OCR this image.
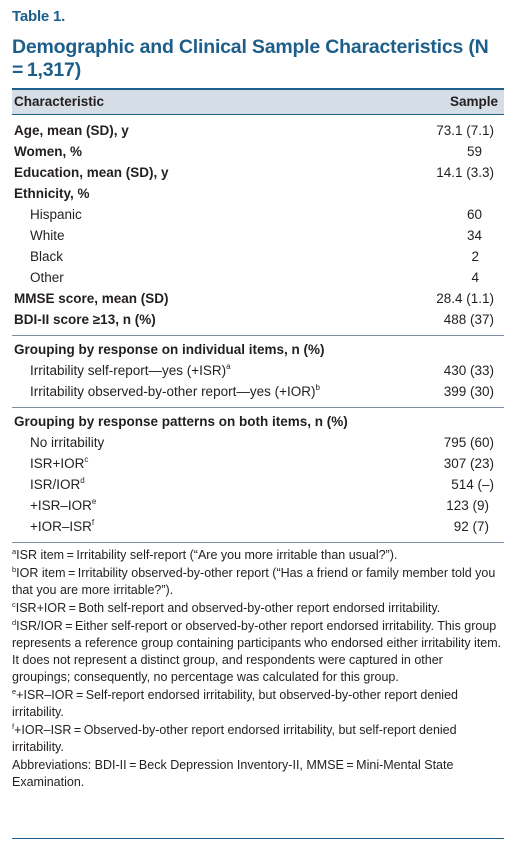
Table 1.
Demographic and Clinical Sample Characteristics (N = 1,317)
Characteristic	Sample
Age, mean (SD), y	73.1 (7.1)
Women, %	59
Education, mean (SD), y	14.1 (3.3)
Ethnicity, %
Hispanic	60
White	34
Black	2
Other	4
MMSE score, mean (SD)	28.4 (1.1)
BDI-II score ≥13, n (%)	488 (37)
Grouping by response on individual items, n (%)
Irritability self-report—yes $(+ISR)^a$	430 (33)
Irritability observed-by-other report—yes $(+IOR)^b$	399 (30)
Grouping by response patterns on both items, n (%)
No irritability	795 (60)
$ISR+IOR^c$	307 (23)
ISR/IOR$^d$	514 (–)
$+ISR-IOR^e$	123 (9)
$+IOR-ISR^f$	92 (7)

$^a$ISR item = Irritability self-report (“Are you more irritable than usual?”).

$^b$IOR item = Irritability observed-by-other report (“Has a friend or family member told you that you are more irritable?”).

$^c$ISR+IOR = Both self-report and observed-by-other report endorsed irritability.

$^d$ISR/IOR = Either self-report or observed-by-other report endorsed irritability. This group represents a reference group containing participants who endorsed either irritability item. It does not represent a distinct group, and respondents were captured in other groupings; consequently, no percentage was calculated for this group.

$^e$+ISR–IOR = Self-report endorsed irritability, but observed-by-other report denied irritability.

$^f$+IOR–ISR = Observed-by-other report endorsed irritability, but self-report denied irritability.

Abbreviations: BDI-II = Beck Depression Inventory-II, MMSE = Mini-Mental State Examination.
